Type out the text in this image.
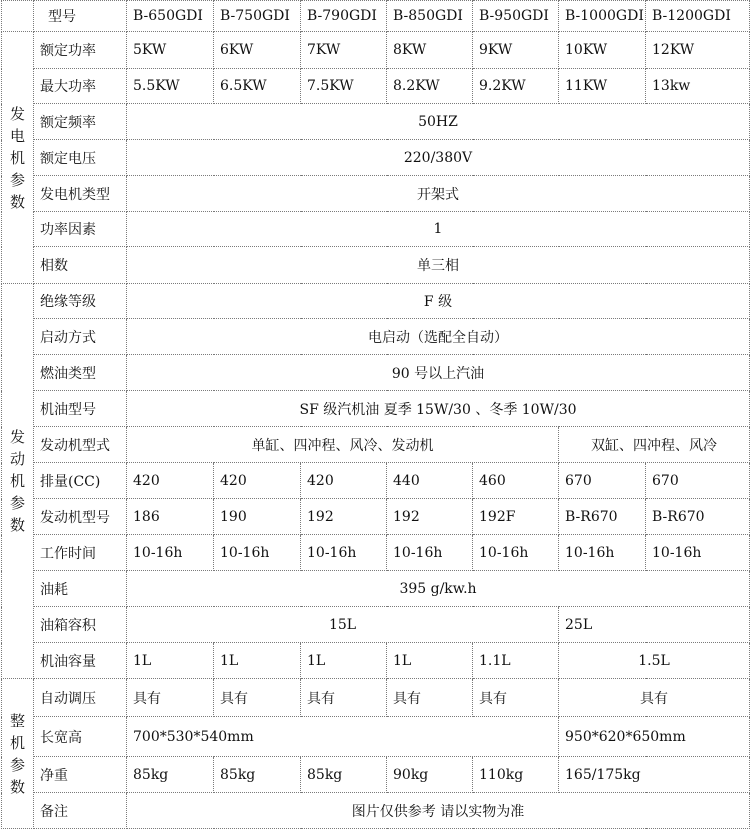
	型号	B-650GDI	B-750GDI	B-790GDI	B-850GDI	B-950GDI	B-1000GDI	B-1200GDI

发
电
机
参
数	额定功率	5KW	6KW	7KW	8KW	9KW	10KW	12KW
	最大功率	5.5KW	6.5KW	7.5KW	8.2KW	9.2KW	11KW	13kw
	额定频率	50HZ						
	额定电压	220/380V						
	发电机类型	开架式						
	功率因素	1						
	相数	单三相						

发
动
机
参
数	绝缘等级	F 级						
	启动方式	电启动（选配全自动）						
	燃油类型	90 号以上汽油						
	机油型号	SF 级汽机油 夏季 15W/30 、冬季 10W/30						
	发动机型式	单缸、四冲程、风冷、发动机					双缸、四冲程、风冷	
	排量(CC)	420	420	420	440	460	670	670
	发动机型号	186	190	192	192	192F	B-R670	B-R670
	工作时间	10-16h	10-16h	10-16h	10-16h	10-16h	10-16h	10-16h
	油耗	395 g/kw.h						
	油箱容积	15L					25L	
	机油容量	1L	1L	1L	1L	1.1L	1.5L	

整
机
参
数	自动调压	具有	具有	具有	具有	具有	具有	
	长宽高	700*530*540mm					950*620*650mm	
	净重	85kg	85kg	85kg	90kg	110kg	165/175kg	
	备注	图片仅供参考 请以实物为准						
